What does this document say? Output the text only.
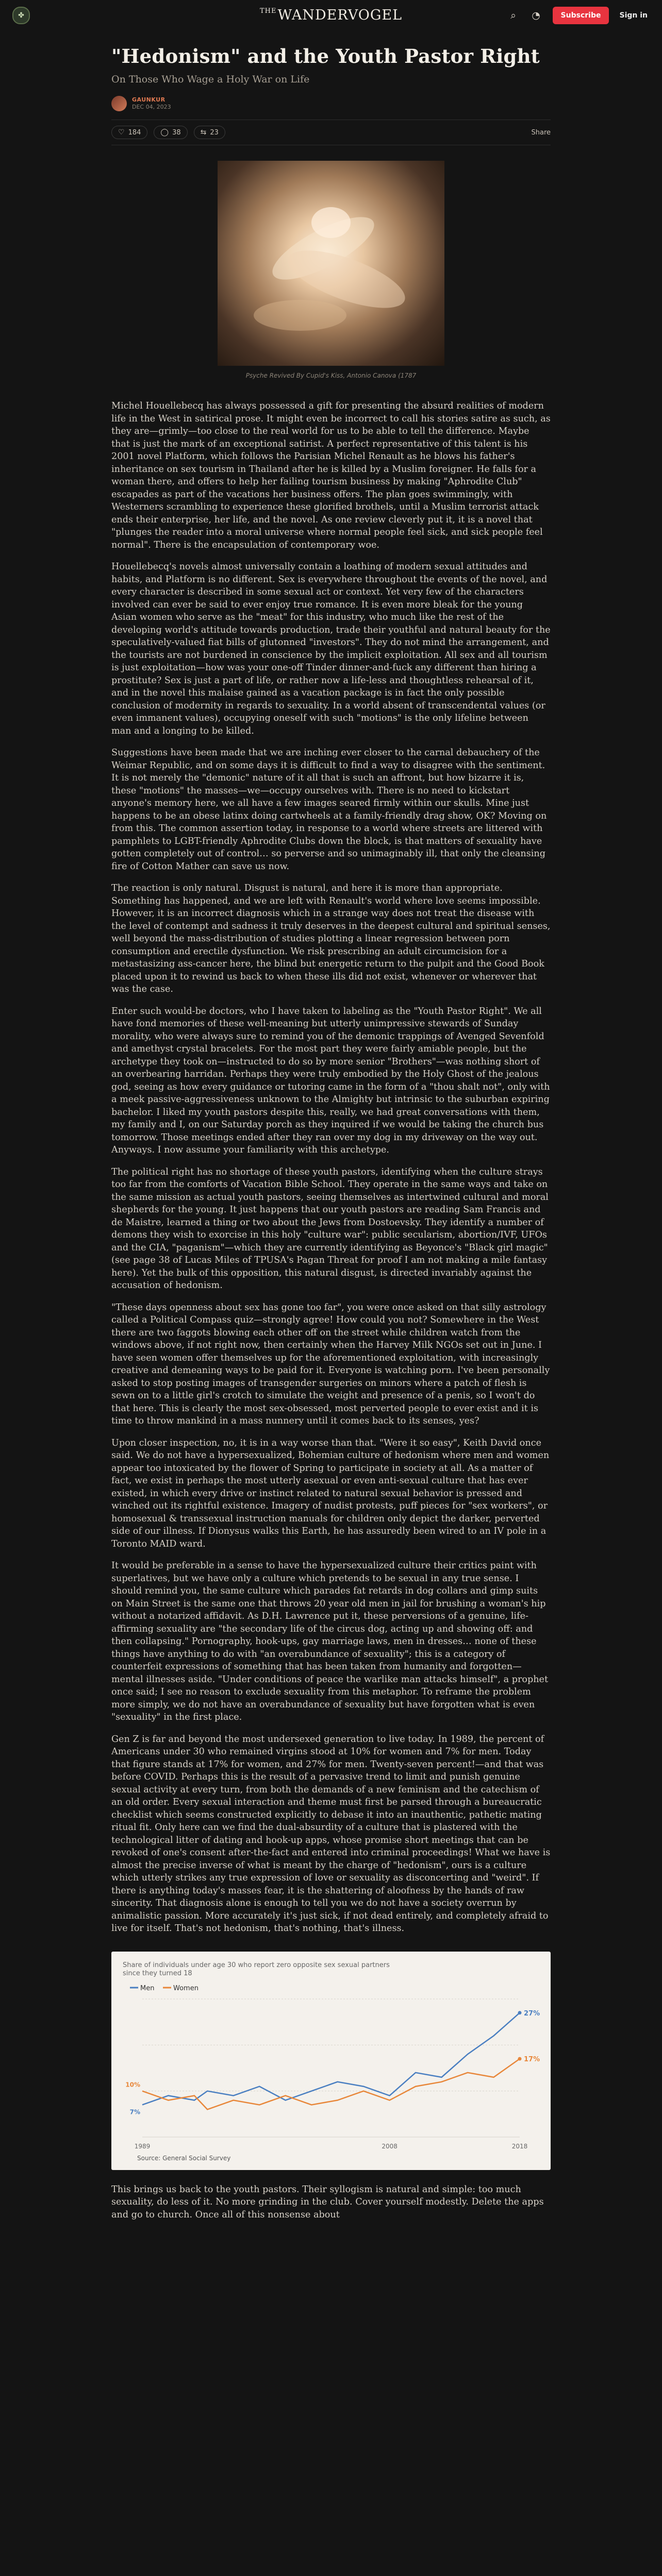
✤
$^{THE}$WANDERVOGEL	⌕	◔	Subscribe	Sign in
"Hedonism" and the Youth Pastor Right
On Those Who Wage a Holy War on Life
GAUNKUR
DEC 04, 2023
♡ 184	◯ 38	⇆ 23	Share
Psyche Revived By Cupid's Kiss, Antonio Canova (1787

Michel Houellebecq has always possessed a gift for presenting the absurd realities of modern life in the West in satirical prose. It might even be incorrect to call his stories satire as such, as they are—grimly—too close to the real world for us to be able to tell the difference. Maybe that is just the mark of an exceptional satirist. A perfect representative of this talent is his 2001 novel Platform, which follows the Parisian Michel Renault as he blows his father's inheritance on sex tourism in Thailand after he is killed by a Muslim foreigner. He falls for a woman there, and offers to help her failing tourism business by making "Aphrodite Club" escapades as part of the vacations her business offers. The plan goes swimmingly, with Westerners scrambling to experience these glorified brothels, until a Muslim terrorist attack ends their enterprise, her life, and the novel. As one review cleverly put it, it is a novel that "plunges the reader into a moral universe where normal people feel sick, and sick people feel normal". There is the encapsulation of contemporary woe.

Houellebecq's novels almost universally contain a loathing of modern sexual attitudes and habits, and Platform is no different. Sex is everywhere throughout the events of the novel, and every character is described in some sexual act or context. Yet very few of the characters involved can ever be said to ever enjoy true romance. It is even more bleak for the young Asian women who serve as the "meat" for this industry, who much like the rest of the developing world's attitude towards production, trade their youthful and natural beauty for the speculatively-valued fiat bills of glutonned "investors". They do not mind the arrangement, and the tourists are not burdened in conscience by the implicit exploitation. All sex and all tourism is just exploitation—how was your one-off Tinder dinner-and-fuck any different than hiring a prostitute? Sex is just a part of life, or rather now a life-less and thoughtless rehearsal of it, and in the novel this malaise gained as a vacation package is in fact the only possible conclusion of modernity in regards to sexuality. In a world absent of transcendental values (or even immanent values), occupying oneself with such "motions" is the only lifeline between man and a longing to be killed.

Suggestions have been made that we are inching ever closer to the carnal debauchery of the Weimar Republic, and on some days it is difficult to find a way to disagree with the sentiment. It is not merely the "demonic" nature of it all that is such an affront, but how bizarre it is, these "motions" the masses—we—occupy ourselves with. There is no need to kickstart anyone's memory here, we all have a few images seared firmly within our skulls. Mine just happens to be an obese latinx doing cartwheels at a family-friendly drag show, OK? Moving on from this. The common assertion today, in response to a world where streets are littered with pamphlets to LGBT-friendly Aphrodite Clubs down the block, is that matters of sexuality have gotten completely out of control… so perverse and so unimaginably ill, that only the cleansing fire of Cotton Mather can save us now.

The reaction is only natural. Disgust is natural, and here it is more than appropriate. Something has happened, and we are left with Renault's world where love seems impossible. However, it is an incorrect diagnosis which in a strange way does not treat the disease with the level of contempt and sadness it truly deserves in the deepest cultural and spiritual senses, well beyond the mass-distribution of studies plotting a linear regression between porn consumption and erectile dysfunction. We risk prescribing an adult circumcision for a metastasizing ass-cancer here, the blind but energetic return to the pulpit and the Good Book placed upon it to rewind us back to when these ills did not exist, whenever or wherever that was the case.

Enter such would-be doctors, who I have taken to labeling as the "Youth Pastor Right". We all have fond memories of these well-meaning but utterly unimpressive stewards of Sunday morality, who were always sure to remind you of the demonic trappings of Avenged Sevenfold and amethyst crystal bracelets. For the most part they were fairly amiable people, but the archetype they took on—instructed to do so by more senior "Brothers"—was nothing short of an overbearing harridan. Perhaps they were truly embodied by the Holy Ghost of the jealous god, seeing as how every guidance or tutoring came in the form of a "thou shalt not", only with a meek passive-aggressiveness unknown to the Almighty but intrinsic to the suburban expiring bachelor. I liked my youth pastors despite this, really, we had great conversations with them, my family and I, on our Saturday porch as they inquired if we would be taking the church bus tomorrow. Those meetings ended after they ran over my dog in my driveway on the way out. Anyways. I now assume your familiarity with this archetype.

The political right has no shortage of these youth pastors, identifying when the culture strays too far from the comforts of Vacation Bible School. They operate in the same ways and take on the same mission as actual youth pastors, seeing themselves as intertwined cultural and moral shepherds for the young. It just happens that our youth pastors are reading Sam Francis and de Maistre, learned a thing or two about the Jews from Dostoevsky. They identify a number of demons they wish to exorcise in this holy "culture war": public secularism, abortion/IVF, UFOs and the CIA, "paganism"—which they are currently identifying as Beyonce's "Black girl magic" (see page 38 of Lucas Miles of TPUSA's Pagan Threat for proof I am not making a mile fantasy here). Yet the bulk of this opposition, this natural disgust, is directed invariably against the accusation of hedonism.

"These days openness about sex has gone too far", you were once asked on that silly astrology called a Political Compass quiz—strongly agree! How could you not? Somewhere in the West there are two faggots blowing each other off on the street while children watch from the windows above, if not right now, then certainly when the Harvey Milk NGOs set out in June. I have seen women offer themselves up for the aforementioned exploitation, with increasingly creative and demeaning ways to be paid for it. Everyone is watching porn. I've been personally asked to stop posting images of transgender surgeries on minors where a patch of flesh is sewn on to a little girl's crotch to simulate the weight and presence of a penis, so I won't do that here. This is clearly the most sex-obsessed, most perverted people to ever exist and it is time to throw mankind in a mass nunnery until it comes back to its senses, yes?

Upon closer inspection, no, it is in a way worse than that. "Were it so easy", Keith David once said. We do not have a hypersexualized, Bohemian culture of hedonism where men and women appear too intoxicated by the flower of Spring to participate in society at all. As a matter of fact, we exist in perhaps the most utterly asexual or even anti-sexual culture that has ever existed, in which every drive or instinct related to natural sexual behavior is pressed and winched out its rightful existence. Imagery of nudist protests, puff pieces for "sex workers", or homosexual & transsexual instruction manuals for children only depict the darker, perverted side of our illness. If Dionysus walks this Earth, he has assuredly been wired to an IV pole in a Toronto MAID ward.

It would be preferable in a sense to have the hypersexualized culture their critics paint with superlatives, but we have only a culture which pretends to be sexual in any true sense. I should remind you, the same culture which parades fat retards in dog collars and gimp suits on Main Street is the same one that throws 20 year old men in jail for brushing a woman's hip without a notarized affidavit. As D.H. Lawrence put it, these perversions of a genuine, life-affirming sexuality are "the secondary life of the circus dog, acting up and showing off: and then collapsing." Pornography, hook-ups, gay marriage laws, men in dresses… none of these things have anything to do with "an overabundance of sexuality"; this is a category of counterfeit expressions of something that has been taken from humanity and forgotten—mental illnesses aside. "Under conditions of peace the warlike man attacks himself", a prophet once said; I see no reason to exclude sexuality from this metaphor. To reframe the problem more simply, we do not have an overabundance of sexuality but have forgotten what is even "sexuality" in the first place.

Gen Z is far and beyond the most undersexed generation to live today. In 1989, the percent of Americans under 30 who remained virgins stood at 10% for women and 7% for men. Today that figure stands at 17% for women, and 27% for men. Twenty-seven percent!—and that was before COVID. Perhaps this is the result of a pervasive trend to limit and punish genuine sexual activity at every turn, from both the demands of a new feminism and the catechism of an old order. Every sexual interaction and theme must first be parsed through a bureaucratic checklist which seems constructed explicitly to debase it into an inauthentic, pathetic mating ritual fit. Only here can we find the dual-absurdity of a culture that is plastered with the technological litter of dating and hook-up apps, whose promise short meetings that can be revoked of one's consent after-the-fact and entered into criminal proceedings! What we have is almost the precise inverse of what is meant by the charge of "hedonism", ours is a culture which utterly strikes any true expression of love or sexuality as disconcerting and "weird". If there is anything today's masses fear, it is the shattering of aloofness by the hands of raw sincerity. That diagnosis alone is enough to tell you we do not have a society overrun by animalistic passion. More accurately it's just sick, if not dead entirely, and completely afraid to live for itself. That's not hedonism, that's nothing, that's illness.

Share of individuals under age 30 who report zero opposite sex sexual partners since they turned 18
Men	Women
1989	2008	2018
27%
7%
17%
10%
Source: General Social Survey

This brings us back to the youth pastors. Their syllogism is natural and simple: too much sexuality, do less of it. No more grinding in the club. Cover yourself modestly. Delete the apps and go to church. Once all of this nonsense about
